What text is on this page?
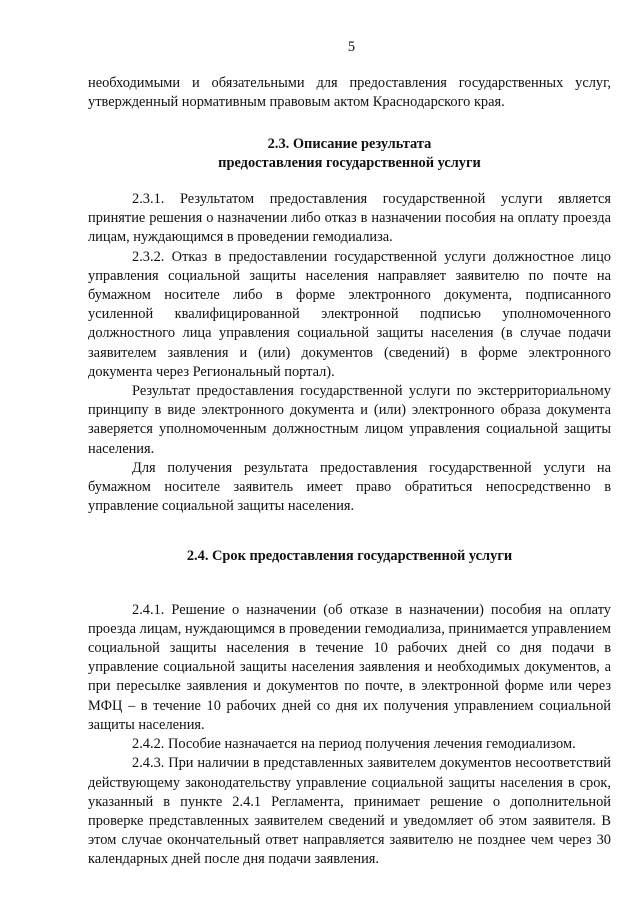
5

необходимыми и обязательными для предоставления государственных услуг, утвержденный нормативным правовым актом Краснодарского края.

2.3. Описание результата
предоставления государственной услуги

2.3.1. Результатом предоставления государственной услуги является принятие решения о назначении либо отказ в назначении пособия на оплату проезда лицам, нуждающимся в проведении гемодиализа.

2.3.2. Отказ в предоставлении государственной услуги должностное лицо управления социальной защиты населения направляет заявителю по почте на бумажном носителе либо в форме электронного документа, подписанного усиленной квалифицированной электронной подписью уполномоченного должностного лица управления социальной защиты населения (в случае подачи заявителем заявления и (или) документов (сведений) в форме электронного документа через Региональный портал).

Результат предоставления государственной услуги по экстерриториальному принципу в виде электронного документа и (или) электронного образа документа заверяется уполномоченным должностным лицом управления социальной защиты населения.

Для получения результата предоставления государственной услуги на бумажном носителе заявитель имеет право обратиться непосредственно в управление социальной защиты населения.

2.4. Срок предоставления государственной услуги

2.4.1. Решение о назначении (об отказе в назначении) пособия на оплату проезда лицам, нуждающимся в проведении гемодиализа, принимается управлением социальной защиты населения в течение 10 рабочих дней со дня подачи в управление социальной защиты населения заявления и необходимых документов, а при пересылке заявления и документов по почте, в электронной форме или через МФЦ – в течение 10 рабочих дней со дня их получения управлением социальной защиты населения.

2.4.2. Пособие назначается на период получения лечения гемодиализом.

2.4.3. При наличии в представленных заявителем документов несоответствий действующему законодательству управление социальной защиты населения в срок, указанный в пункте 2.4.1 Регламента, принимает решение о дополнительной проверке представленных заявителем сведений и уведомляет об этом заявителя. В этом случае окончательный ответ направляется заявителю не позднее чем через 30 календарных дней после дня подачи заявления.
